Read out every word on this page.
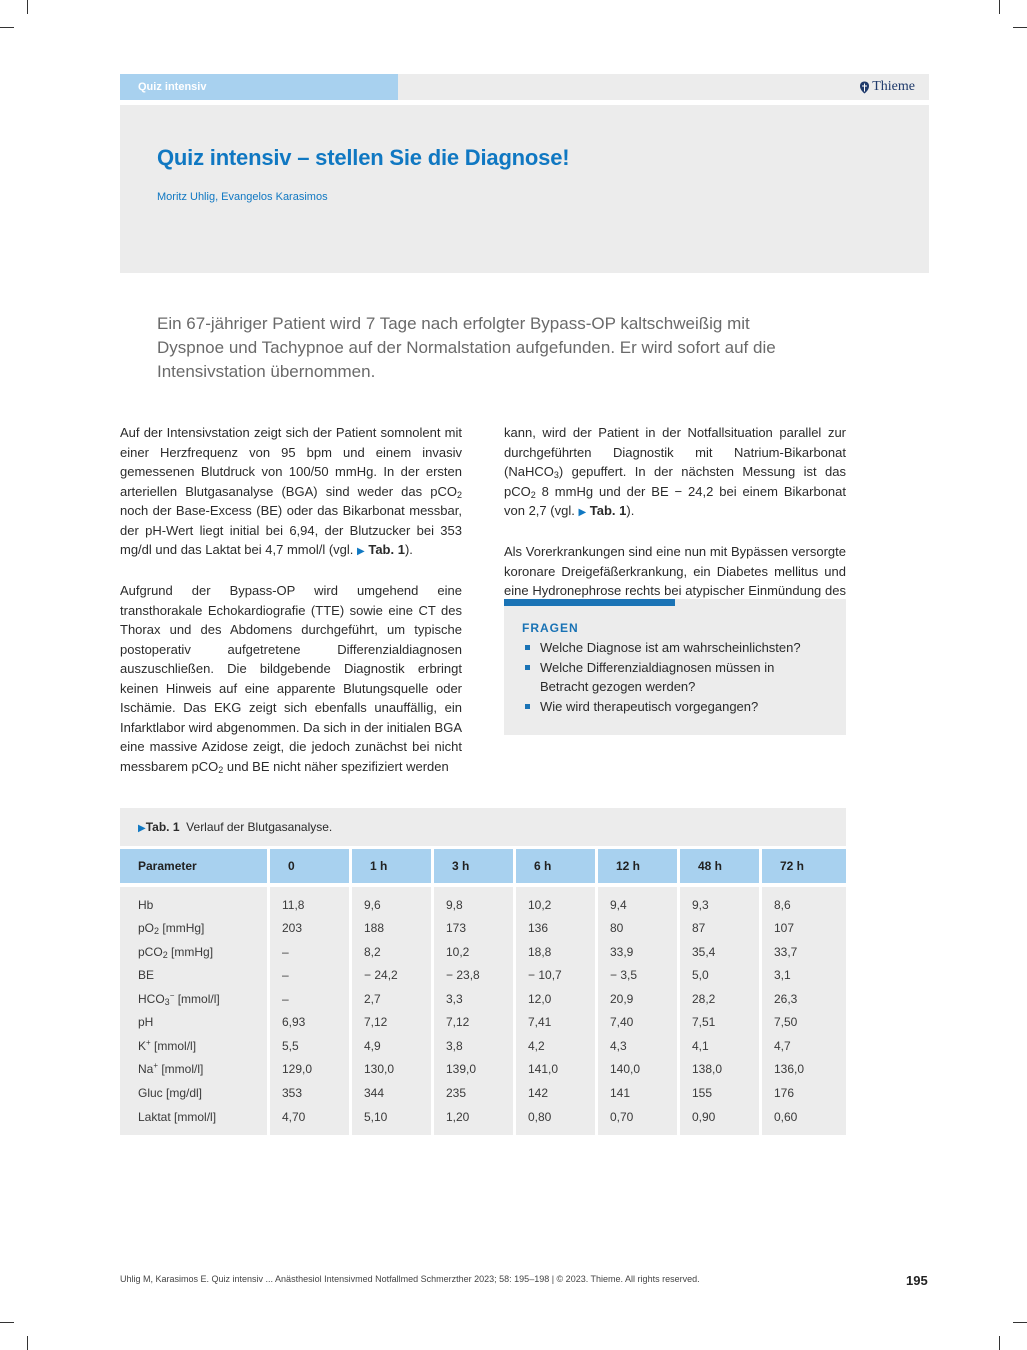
Quiz intensiv	Thieme
Quiz intensiv – stellen Sie die Diagnose!
Moritz Uhlig, Evangelos Karasimos
Ein 67-jähriger Patient wird 7 Tage nach erfolgter Bypass-OP kaltschweißig mit Dyspnoe und Tachypnoe auf der Normalstation aufgefunden. Er wird sofort auf die Intensivstation übernommen.

Auf der Intensivstation zeigt sich der Patient somnolent mit einer Herzfrequenz von 95 bpm und einem invasiv gemessenen Blutdruck von 100/50 mmHg. In der ersten arteriellen Blutgasanalyse (BGA) sind weder das pCO$_2$ noch der Base-Excess (BE) oder das Bikarbonat messbar, der pH-Wert liegt initial bei 6,94, der Blutzucker bei 353 mg/dl und das Laktat bei 4,7 mmol/l (vgl. ▶ Tab. 1).

Aufgrund der Bypass-OP wird umgehend eine transthorakale Echokardiografie (TTE) sowie eine CT des Thorax und des Abdomens durchgeführt, um typische postoperativ aufgetretene Differenzialdiagnosen auszuschließen. Die bildgebende Diagnostik erbringt keinen Hinweis auf eine apparente Blutungsquelle oder Ischämie. Das EKG zeigt sich ebenfalls unauffällig, ein Infarktlabor wird abgenommen. Da sich in der initialen BGA eine massive Azidose zeigt, die jedoch zunächst bei nicht messbarem pCO$_2$ und BE nicht näher spezifiziert werden

kann, wird der Patient in der Notfallsituation parallel zur durchgeführten Diagnostik mit Natrium-Bikarbonat (NaHCO$_3$) gepuffert. In der nächsten Messung ist das pCO$_2$ 8 mmHg und der BE − 24,2 bei einem Bikarbonat von 2,7 (vgl. ▶ Tab. 1).

Als Vorerkrankungen sind eine nun mit Bypässen versorgte koronare Dreigefäßerkrankung, ein Diabetes mellitus und eine Hydronephrose rechts bei atypischer Einmündung des

FRAGEN
Welche Diagnose ist am wahrscheinlichsten?
Welche Differenzialdiagnosen müssen in Betracht gezogen werden?
Wie wird therapeutisch vorgegangen?
▶Tab. 1 Verlauf der Blutgasanalyse.
Parameter	0	1 h	3 h	6 h	12 h	48 h	72 h

Hb	11,8	9,6	9,8	10,2	9,4	9,3	8,6
$pO_2$ [mmHg]	203	188	173	136	80	87	107
pCO$_2$ [mmHg]	–	8,2	10,2	18,8	33,9	35,4	33,7
BE	–	− 24,2	− 23,8	− 10,7	− 3,5	5,0	3,1
$HCO_3^-$ [mmol/l]	–	2,7	3,3	12,0	20,9	28,2	26,3
pH	6,93	7,12	7,12	7,41	7,40	7,51	7,50
K+ [mmol/l]	5,5	4,9	3,8	4,2	4,3	4,1	4,7
Na+ [mmol/l]	129,0	130,0	139,0	141,0	140,0	138,0	136,0
Gluc [mg/dl]	353	344	235	142	141	155	176
Laktat [mmol/l]	4,70	5,10	1,20	0,80	0,70	0,90	0,60
Uhlig M, Karasimos E. Quiz intensiv ... Anästhesiol Intensivmed Notfallmed Schmerzther 2023; 58: 195–198 | © 2023. Thieme. All rights reserved.	195
